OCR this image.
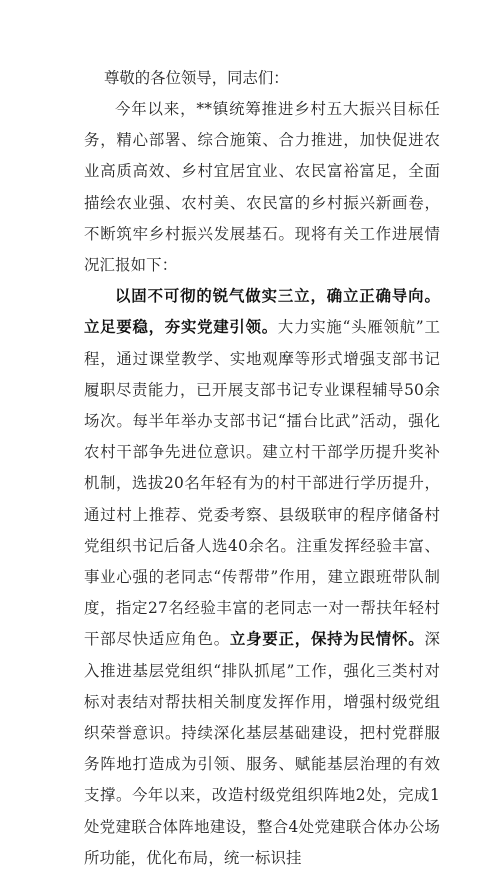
尊敬的各位领导，同志们：

今年以来，**镇统筹推进乡村五大振兴目标任务，精心部署、综合施策、合力推进，加快促进农业高质高效、乡村宜居宜业、农民富裕富足，全面描绘农业强、农村美、农民富的乡村振兴新画卷，不断筑牢乡村振兴发展基石。现将有关工作进展情况汇报如下：

以固不可彻的锐气做实三立，确立正确导向。立足要稳，夯实党建引领。大力实施“头雁领航”工程，通过课堂教学、实地观摩等形式增强支部书记履职尽责能力，已开展支部书记专业课程辅导50余场次。每半年举办支部书记“擂台比武”活动，强化农村干部争先进位意识。建立村干部学历提升奖补机制，选拔20名年轻有为的村干部进行学历提升，通过村上推荐、党委考察、县级联审的程序储备村党组织书记后备人选40余名。注重发挥经验丰富、事业心强的老同志“传帮带”作用，建立跟班带队制度，指定27名经验丰富的老同志一对一帮扶年轻村干部尽快适应角色。立身要正，保持为民情怀。深入推进基层党组织“排队抓尾”工作，强化三类村对标对表结对帮扶相关制度发挥作用，增强村级党组织荣誉意识。持续深化基层基础建设，把村党群服务阵地打造成为引领、服务、赋能基层治理的有效支撑。今年以来，改造村级党组织阵地2处，完成1处党建联合体阵地建设，整合4处党建联合体办公场所功能，优化布局，统一标识挂
